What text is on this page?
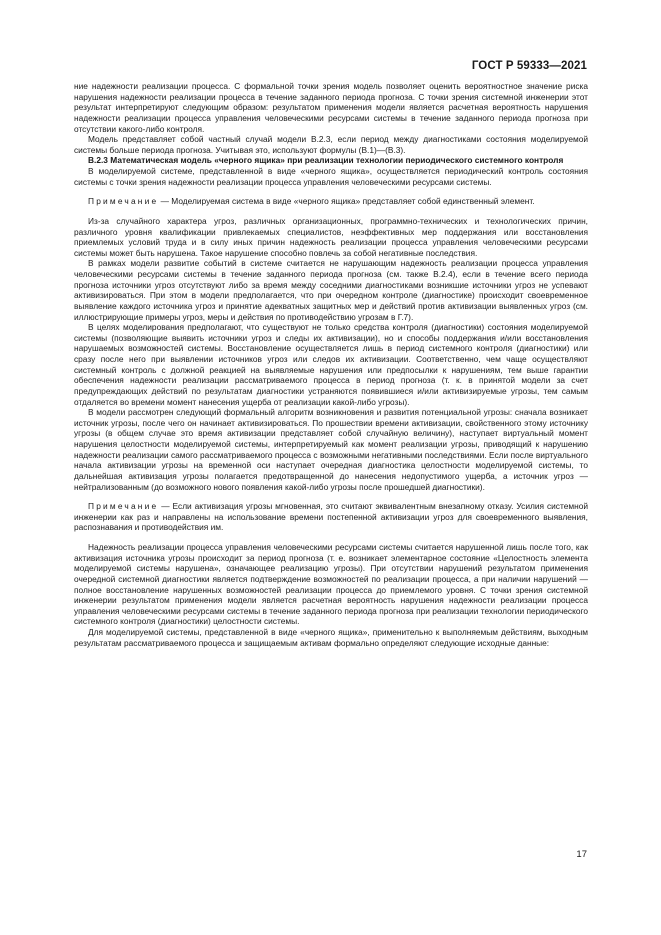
ГОСТ Р 59333—2021

ние надежности реализации процесса. С формальной точки зрения модель позволяет оценить вероятностное значение риска нарушения надежности реализации процесса в течение заданного периода прогноза. С точки зрения системной инженерии этот результат интерпретируют следующим образом: результатом применения модели является расчетная вероятность нарушения надежности реализации процесса управления человеческими ресурсами системы в течение заданного периода прогноза при отсутствии какого-либо контроля.

Модель представляет собой частный случай модели В.2.3, если период между диагностиками состояния моделируемой системы больше периода прогноза. Учитывая это, используют формулы (В.1)—(В.3).

В.2.3 Математическая модель «черного ящика» при реализации технологии периодического системного контроля

В моделируемой системе, представленной в виде «черного ящика», осуществляется периодический контроль состояния системы с точки зрения надежности реализации процесса управления человеческими ресурсами системы.

Примечание — Моделируемая система в виде «черного ящика» представляет собой единственный элемент.

Из-за случайного характера угроз, различных организационных, программно-технических и технологических причин, различного уровня квалификации привлекаемых специалистов, неэффективных мер поддержания или восстановления приемлемых условий труда и в силу иных причин надежность реализации процесса управления человеческими ресурсами системы может быть нарушена. Такое нарушение способно повлечь за собой негативные последствия.

В рамках модели развитие событий в системе считается не нарушающим надежность реализации процесса управления человеческими ресурсами системы в течение заданного периода прогноза (см. также В.2.4), если в течение всего периода прогноза источники угроз отсутствуют либо за время между соседними диагностиками возникшие источники угроз не успевают активизироваться. При этом в модели предполагается, что при очередном контроле (диагностике) происходит своевременное выявление каждого источника угроз и принятие адекватных защитных мер и действий против активизации выявленных угроз (см. иллюстрирующие примеры угроз, меры и действия по противодействию угрозам в Г.7).

В целях моделирования предполагают, что существуют не только средства контроля (диагностики) состояния моделируемой системы (позволяющие выявить источники угроз и следы их активизации), но и способы поддержания и/или восстановления нарушаемых возможностей системы. Восстановление осуществляется лишь в период системного контроля (диагностики) или сразу после него при выявлении источников угроз или следов их активизации. Соответственно, чем чаще осуществляют системный контроль с должной реакцией на выявляемые нарушения или предпосылки к нарушениям, тем выше гарантии обеспечения надежности реализации рассматриваемого процесса в период прогноза (т. к. в принятой модели за счет предупреждающих действий по результатам диагностики устраняются появившиеся и/или активизируемые угрозы, тем самым отдаляется во времени момент нанесения ущерба от реализации какой-либо угрозы).

В модели рассмотрен следующий формальный алгоритм возникновения и развития потенциальной угрозы: сначала возникает источник угрозы, после чего он начинает активизироваться. По прошествии времени активизации, свойственного этому источнику угрозы (в общем случае это время активизации представляет собой случайную величину), наступает виртуальный момент нарушения целостности моделируемой системы, интерпретируемый как момент реализации угрозы, приводящий к нарушению надежности реализации самого рассматриваемого процесса с возможными негативными последствиями. Если после виртуального начала активизации угрозы на временной оси наступает очередная диагностика целостности моделируемой системы, то дальнейшая активизация угрозы полагается предотвращенной до нанесения недопустимого ущерба, а источник угроз — нейтрализованным (до возможного нового появления какой-либо угрозы после прошедшей диагностики).

Примечание — Если активизация угрозы мгновенная, это считают эквивалентным внезапному отказу. Усилия системной инженерии как раз и направлены на использование времени постепенной активизации угроз для своевременного выявления, распознавания и противодействия им.

Надежность реализации процесса управления человеческими ресурсами системы считается нарушенной лишь после того, как активизация источника угрозы происходит за период прогноза (т. е. возникает элементарное состояние «Целостность элемента моделируемой системы нарушена», означающее реализацию угрозы). При отсутствии нарушений результатом применения очередной системной диагностики является подтверждение возможностей по реализации процесса, а при наличии нарушений — полное восстановление нарушенных возможностей реализации процесса до приемлемого уровня. С точки зрения системной инженерии результатом применения модели является расчетная вероятность нарушения надежности реализации процесса управления человеческими ресурсами системы в течение заданного периода прогноза при реализации технологии периодического системного контроля (диагностики) целостности системы.

Для моделируемой системы, представленной в виде «черного ящика», применительно к выполняемым действиям, выходным результатам рассматриваемого процесса и защищаемым активам формально определяют следующие исходные данные:

17
